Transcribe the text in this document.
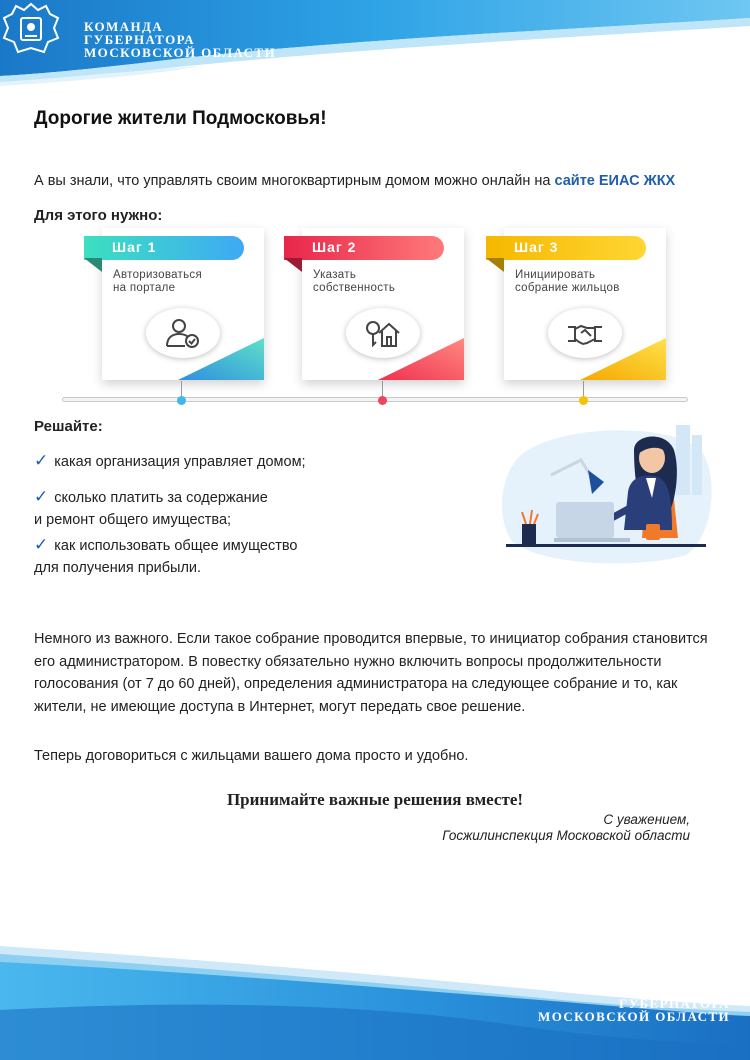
КОМАНДА
ГУБЕРНАТОРА
МОСКОВСКОЙ ОБЛАСТИ
Дорогие жители Подмосковья!
А вы знали, что управлять своим многоквартирным домом можно онлайн на сайте ЕИАС ЖКХ
Для этого нужно:
Авторизоваться
на портале
Шаг 1
Указать
собственность
Шаг 2
Инициировать
собрание жильцов
Шаг 3
Решайте:
✓ какая организация управляет домом;
✓ сколько платить за содержание
и ремонт общего имущества;
✓ как использовать общее имущество
для получения прибыли.
Немного из важного. Если такое собрание проводится впервые, то инициатор собрания становится его администратором. В повестку обязательно нужно включить вопросы продолжительности голосования (от 7 до 60 дней), определения администратора на следующее собрание и то, как жители, не имеющие доступа в Интернет, могут передать свое решение.
Теперь договориться с жильцами вашего дома просто и удобно.
Принимайте важные решения вместе!
С уважением,
Госжилинспекция Московской области
КОМАНДА
ГУБЕРНАТОРА
МОСКОВСКОЙ ОБЛАСТИ
